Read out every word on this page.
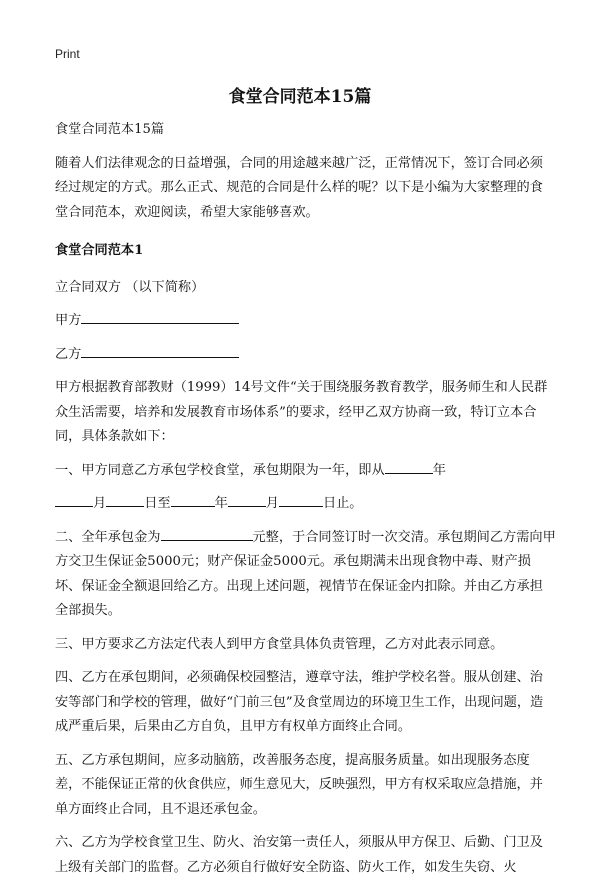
Print
食堂合同范本15篇

食堂合同范本15篇

随着人们法律观念的日益增强，合同的用途越来越广泛，正常情况下，签订合同必须经过规定的方式。那么正式、规范的合同是什么样的呢？以下是小编为大家整理的食堂合同范本，欢迎阅读，希望大家能够喜欢。

食堂合同范本1

立合同双方 （以下简称）

甲方

乙方

甲方根据教育部教财（1999）14号文件“关于围绕服务教育教学，服务师生和人民群众生活需要，培养和发展教育市场体系”的要求，经甲乙双方协商一致，特订立本合同，具体条款如下：

一、甲方同意乙方承包学校食堂，承包期限为一年，即从	年

月	日至	年	月	日止。

二、全年承包金为	元整，于合同签订时一次交清。承包期间乙方需向甲方交卫生保证金5000元；财产保证金5000元。承包期满未出现食物中毒、财产损坏、保证金全额退回给乙方。出现上述问题，视情节在保证金内扣除。并由乙方承担全部损失。

三、甲方要求乙方法定代表人到甲方食堂具体负责管理，乙方对此表示同意。

四、乙方在承包期间，必须确保校园整洁，遵章守法，维护学校名誉。服从创建、治安等部门和学校的管理，做好“门前三包”及食堂周边的环境卫生工作，出现问题，造成严重后果，后果由乙方自负，且甲方有权单方面终止合同。

五、乙方承包期间，应多动脑筋，改善服务态度，提高服务质量。如出现服务态度差，不能保证正常的伙食供应，师生意见大，反映强烈，甲方有权采取应急措施，并单方面终止合同，且不退还承包金。

六、乙方为学校食堂卫生、防火、治安第一责任人，须服从甲方保卫、后勤、门卫及上级有关部门的监督。乙方必须自行做好安全防盗、防火工作，如发生失窃、火
